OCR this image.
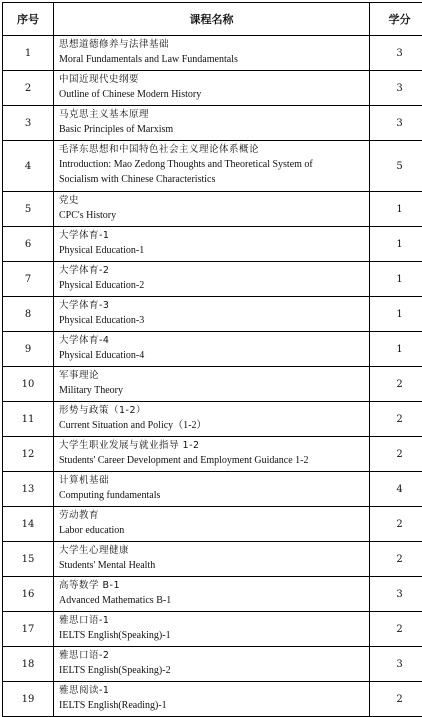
序号	课程名称	学分
1	思想道德修养与法律基础
Moral Fundamentals and Law Fundamentals	3
2	中国近现代史纲要
Outline of Chinese Modern History	3
3	马克思主义基本原理
Basic Principles of Marxism	3
4	毛泽东思想和中国特色社会主义理论体系概论
Introduction: Mao Zedong Thoughts and Theoretical System of
Socialism with Chinese Characteristics	5
5	党史
CPC's History	1
6	大学体育-1
Physical Education-1	1
7	大学体育-2
Physical Education-2	1
8	大学体育-3
Physical Education-3	1
9	大学体育-4
Physical Education-4	1
10	军事理论
Military Theory	2
11	形势与政策（1-2）
Current Situation and Policy（1-2）	2
12	大学生职业发展与就业指导 1-2
Students' Career Development and Employment Guidance 1-2	2
13	计算机基础
Computing fundamentals	4
14	劳动教育
Labor education	2
15	大学生心理健康
Students' Mental Health	2
16	高等数学 B-1
Advanced Mathematics B-1	3
17	雅思口语-1
IELTS English(Speaking)-1	2
18	雅思口语-2
IELTS English(Speaking)-2	3
19	雅思阅读-1
IELTS English(Reading)-1	2
